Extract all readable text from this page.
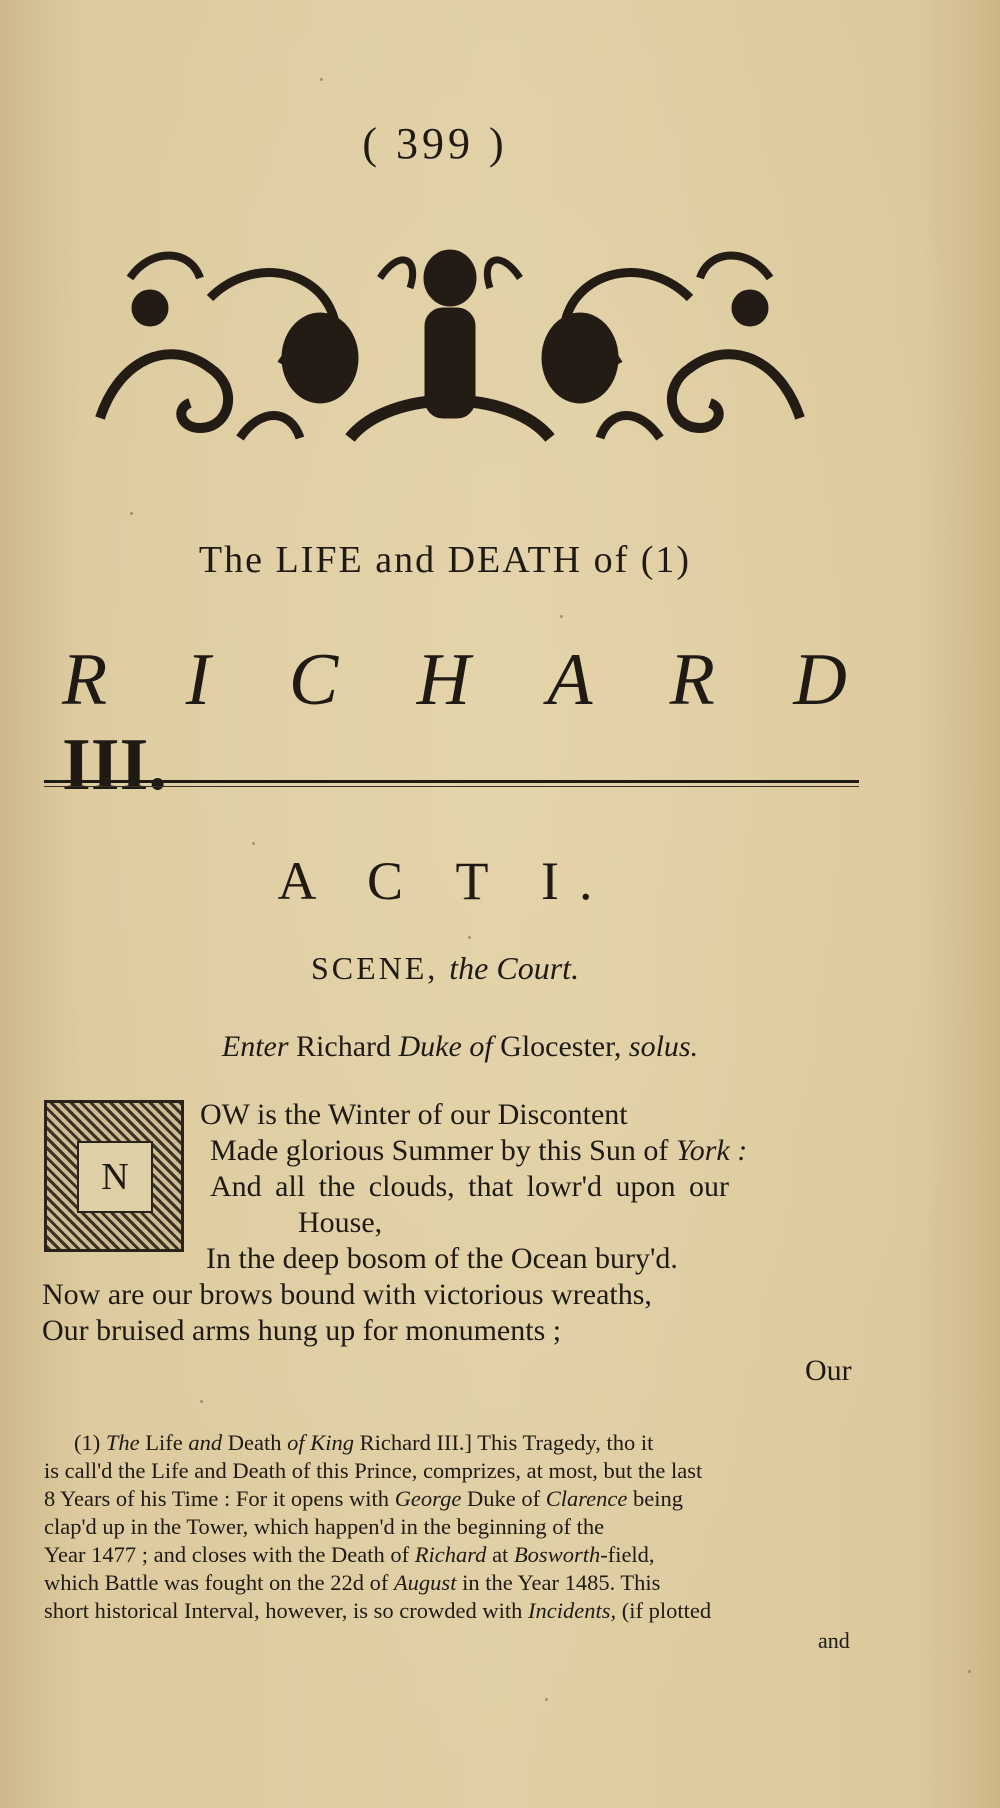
( 399 )
The LIFE and DEATH of (1)
R I C H A R D III.
A C T I.
SCENE, the Court.
Enter Richard Duke of Glocester, solus.
N
OW is the Winter of our Discontent
Made glorious Summer by this Sun of York :
And all the clouds, that lowr'd upon our
House,
In the deep bosom of the Ocean bury'd.
Now are our brows bound with victorious wreaths,
Our bruised arms hung up for monuments ;
Our
(1) The Life and Death of King Richard III.] This Tragedy, tho it
is call'd the Life and Death of this Prince, comprizes, at most, but the last
8 Years of his Time : For it opens with George Duke of Clarence being
clap'd up in the Tower, which happen'd in the beginning of the
Year 1477 ; and closes with the Death of Richard at Bosworth-field,
which Battle was fought on the 22d of August in the Year 1485. This
short historical Interval, however, is so crowded with Incidents, (if plotted
and
